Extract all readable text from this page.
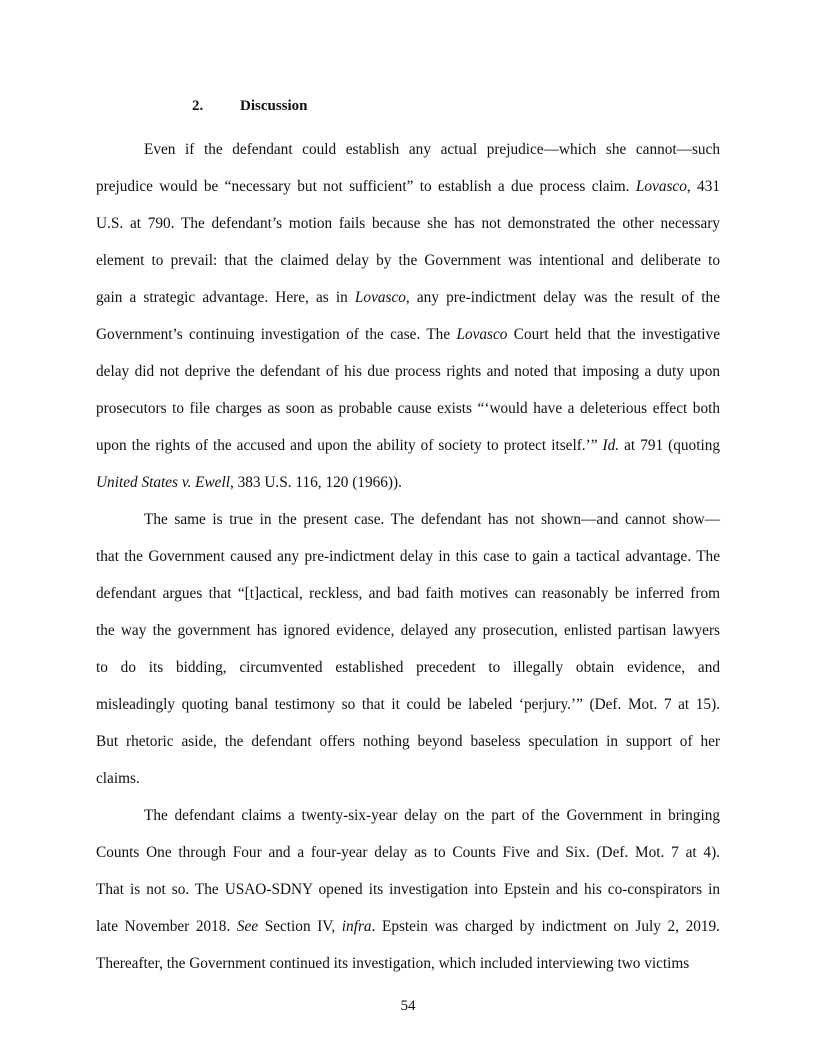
2. Discussion
Even if the defendant could establish any actual prejudice—which she cannot—such
prejudice would be “necessary but not sufficient” to establish a due process claim. Lovasco, 431
U.S. at 790. The defendant’s motion fails because she has not demonstrated the other necessary
element to prevail: that the claimed delay by the Government was intentional and deliberate to
gain a strategic advantage. Here, as in Lovasco, any pre-indictment delay was the result of the
Government’s continuing investigation of the case. The Lovasco Court held that the investigative
delay did not deprive the defendant of his due process rights and noted that imposing a duty upon
prosecutors to file charges as soon as probable cause exists “‘would have a deleterious effect both
upon the rights of the accused and upon the ability of society to protect itself.’” Id. at 791 (quoting
United States v. Ewell, 383 U.S. 116, 120 (1966)).
The same is true in the present case. The defendant has not shown—and cannot show—
that the Government caused any pre-indictment delay in this case to gain a tactical advantage. The
defendant argues that “[t]actical, reckless, and bad faith motives can reasonably be inferred from
the way the government has ignored evidence, delayed any prosecution, enlisted partisan lawyers
to do its bidding, circumvented established precedent to illegally obtain evidence, and
misleadingly quoting banal testimony so that it could be labeled ‘perjury.’” (Def. Mot. 7 at 15).
But rhetoric aside, the defendant offers nothing beyond baseless speculation in support of her
claims.
The defendant claims a twenty-six-year delay on the part of the Government in bringing
Counts One through Four and a four-year delay as to Counts Five and Six. (Def. Mot. 7 at 4).
That is not so. The USAO-SDNY opened its investigation into Epstein and his co-conspirators in
late November 2018. See Section IV, infra. Epstein was charged by indictment on July 2, 2019.
Thereafter, the Government continued its investigation, which included interviewing two victims
54
